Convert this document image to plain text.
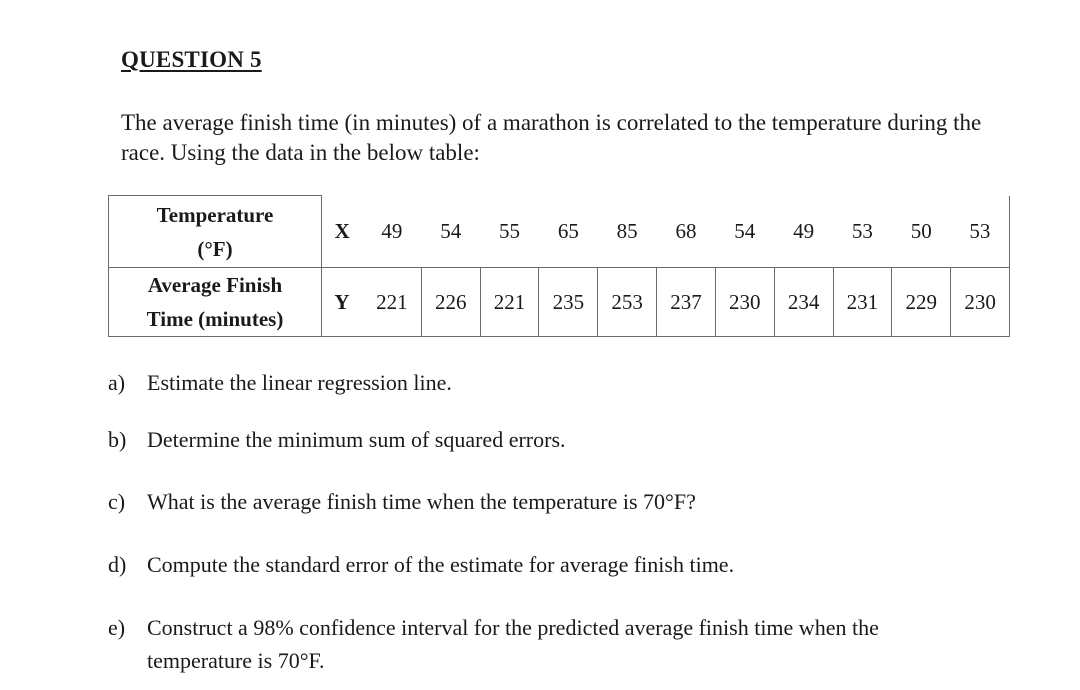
QUESTION 5
The average finish time (in minutes) of a marathon is correlated to the temperature during the race. Using the data in the below table:
Temperature
(°F)	X	49	54	55	65	85	68	54	49	53	50	53
Average Finish
Time (minutes)	Y	221	226	221	235	253	237	230	234	231	229	230
a) Estimate the linear regression line.
b) Determine the minimum sum of squared errors.
c) What is the average finish time when the temperature is 70°F?
d) Compute the standard error of the estimate for average finish time.
e) Construct a 98% confidence interval for the predicted average finish time when the temperature is 70°F.
